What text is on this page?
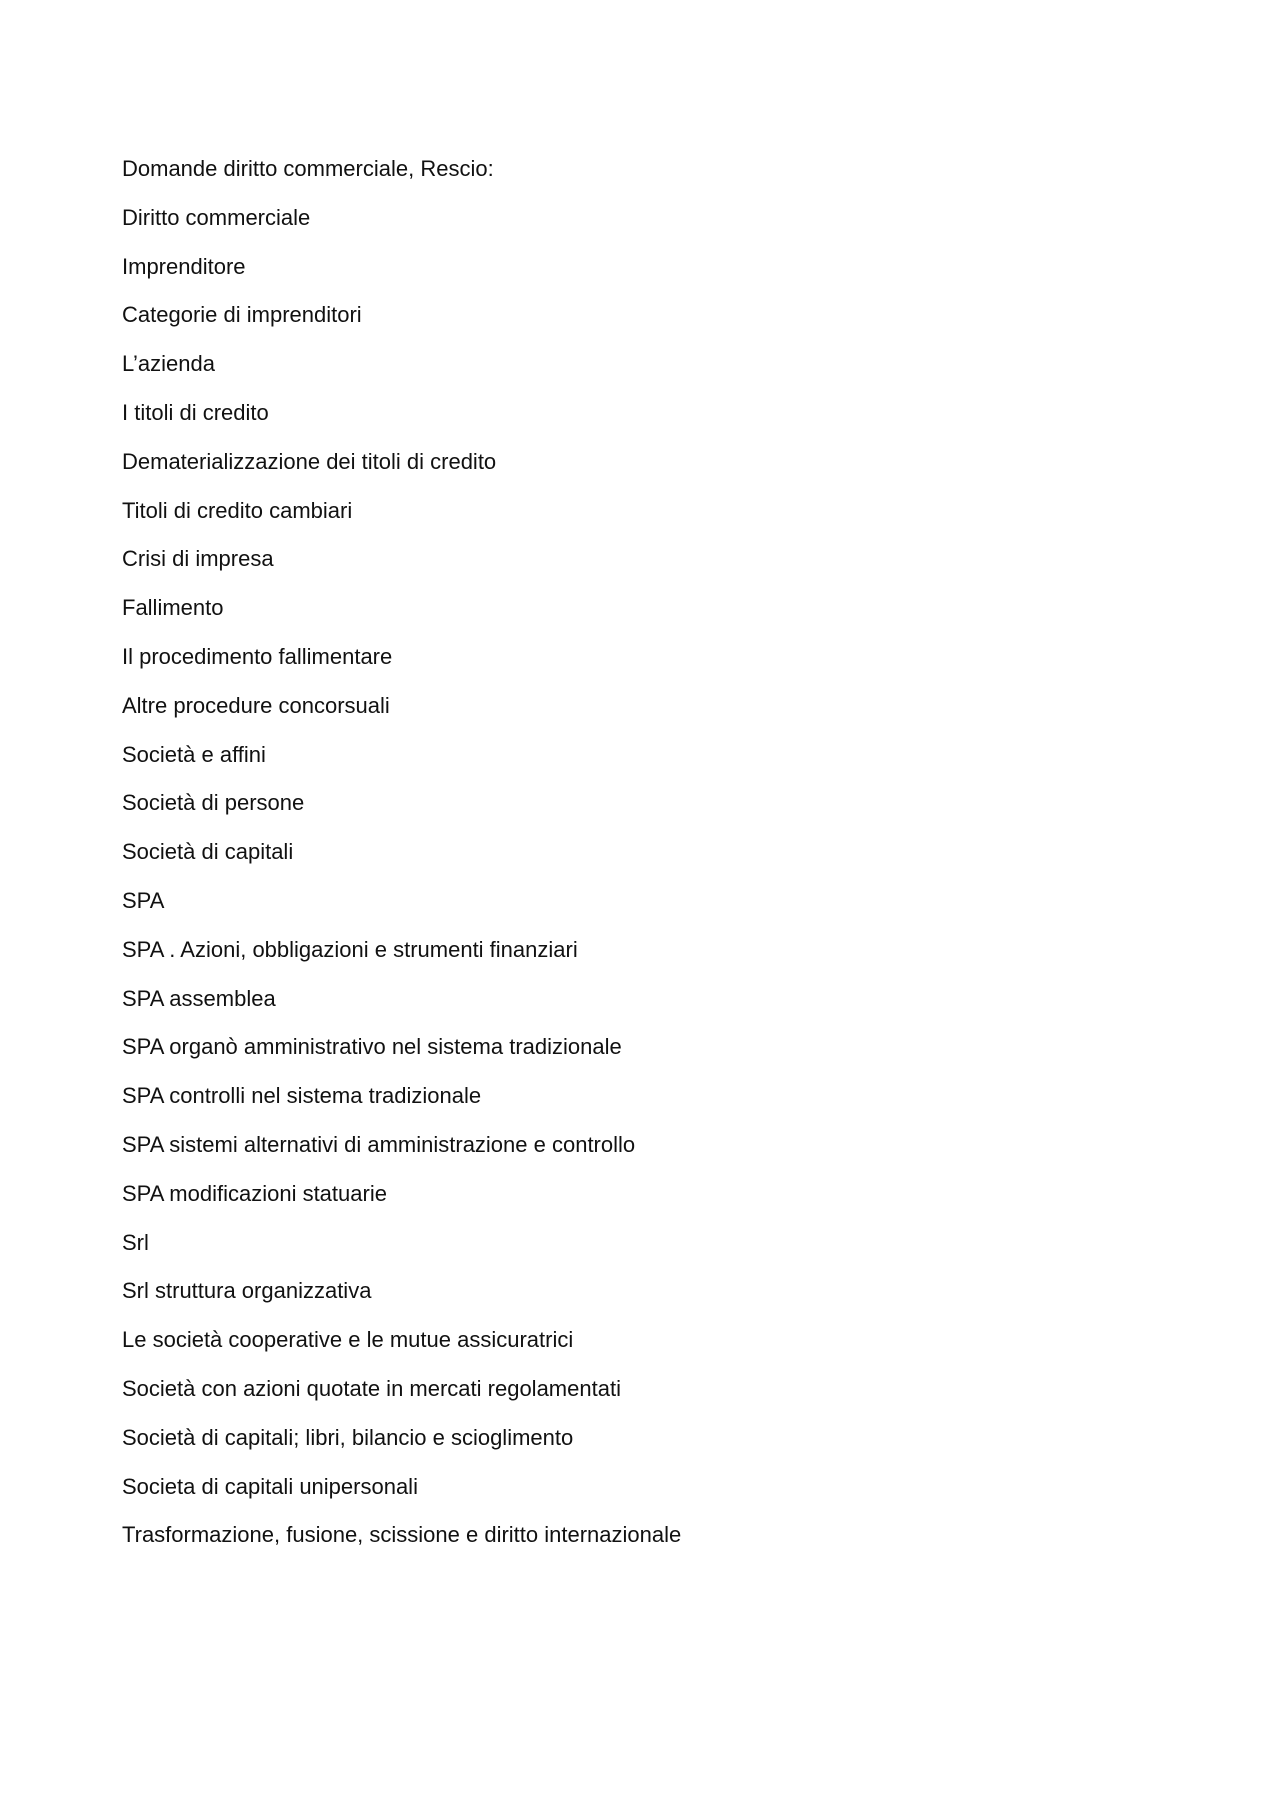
Domande diritto commerciale, Rescio:

Diritto commerciale

Imprenditore

Categorie di imprenditori

L’azienda

I titoli di credito

Dematerializzazione dei titoli di credito

Titoli di credito cambiari

Crisi di impresa

Fallimento

Il procedimento fallimentare

Altre procedure concorsuali

Società e affini

Società di persone

Società di capitali

SPA

SPA . Azioni, obbligazioni e strumenti finanziari

SPA assemblea

SPA organò amministrativo nel sistema tradizionale

SPA controlli nel sistema tradizionale

SPA sistemi alternativi di amministrazione e controllo

SPA modificazioni statuarie

Srl

Srl struttura organizzativa

Le società cooperative e le mutue assicuratrici

Società con azioni quotate in mercati regolamentati

Società di capitali; libri, bilancio e scioglimento

Societa di capitali unipersonali

Trasformazione, fusione, scissione e diritto internazionale
